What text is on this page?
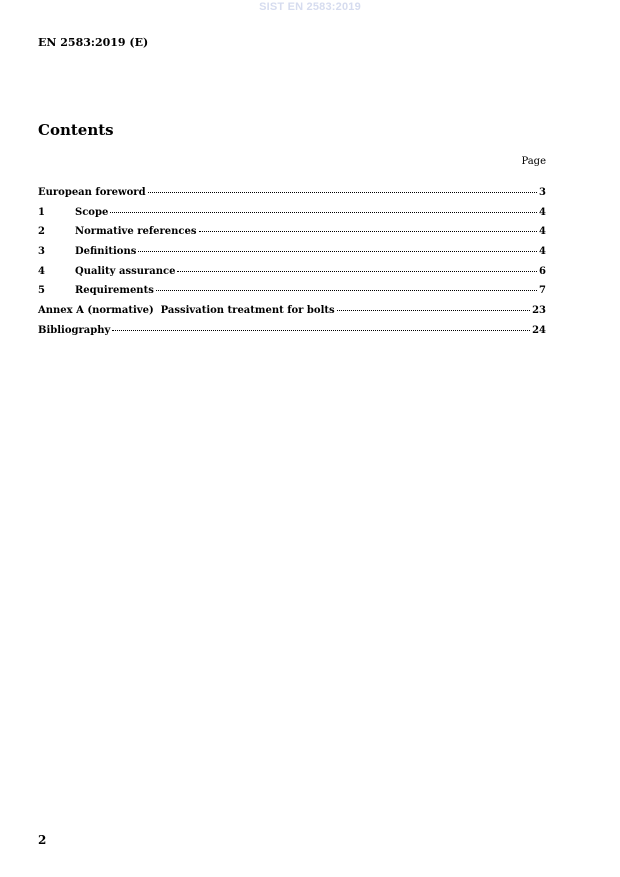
SIST EN 2583:2019
EN 2583:2019 (E)
Contents
Page
European foreword	3
1	Scope	4
2	Normative references	4
3	Definitions	4
4	Quality assurance	6
5	Requirements	7
Annex A (normative)  Passivation treatment for bolts	23
Bibliography	24
2
